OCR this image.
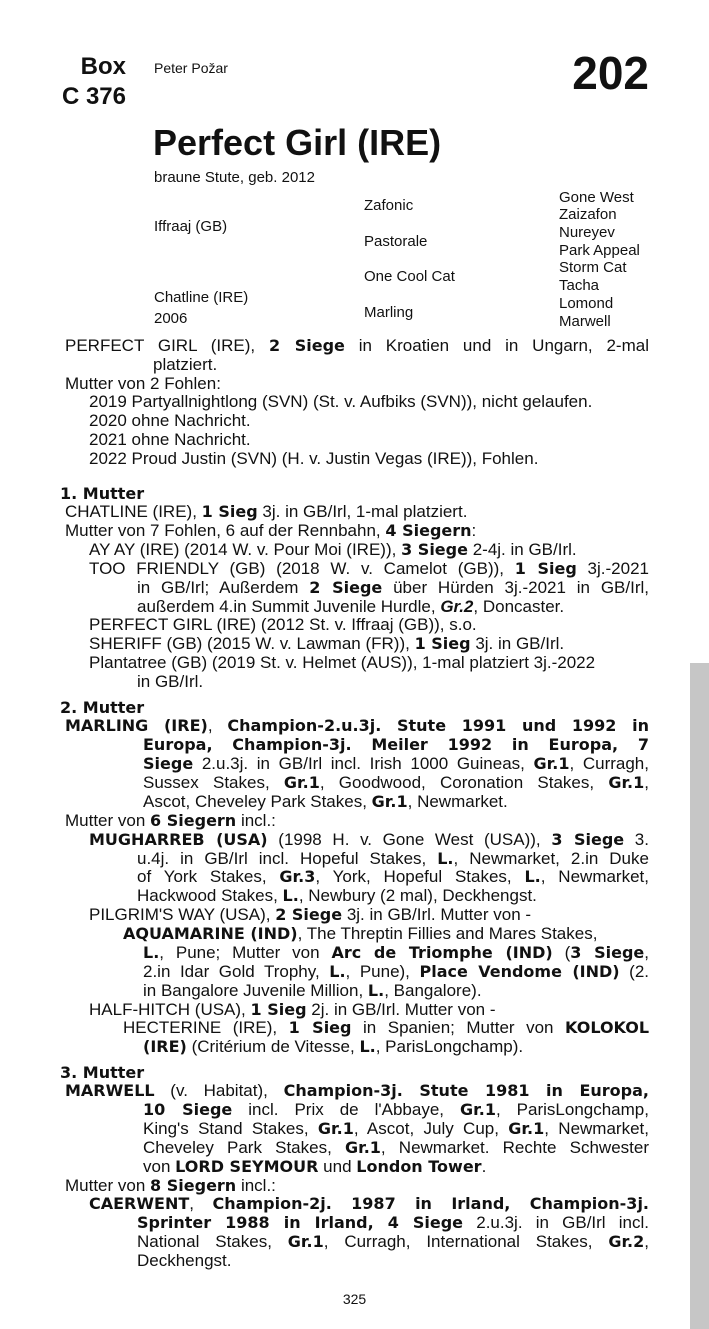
Box
C 376
Peter Požar	202
Perfect Girl (IRE)
braune Stute, geb. 2012
Iffraaj (GB)
Chatline (IRE)
2006
Zafonic
Pastorale
One Cool Cat
Marling
Gone West
Zaizafon
Nureyev
Park Appeal
Storm Cat
Tacha
Lomond
Marwell
PERFECT GIRL (IRE), 2 Siege in Kroatien und in Ungarn, 2-mal
platziert.
Mutter von 2 Fohlen:
2019 Partyallnightlong (SVN) (St. v. Aufbiks (SVN)), nicht gelaufen.
2020 ohne Nachricht.
2021 ohne Nachricht.
2022 Proud Justin (SVN) (H. v. Justin Vegas (IRE)), Fohlen.
1. Mutter
CHATLINE (IRE), 1 Sieg 3j. in GB/Irl, 1-mal platziert.
Mutter von 7 Fohlen, 6 auf der Rennbahn, 4 Siegern:
AY AY (IRE) (2014 W. v. Pour Moi (IRE)), 3 Siege 2-4j. in GB/Irl.
TOO FRIENDLY (GB) (2018 W. v. Camelot (GB)), 1 Sieg 3j.-2021
in GB/Irl; Außerdem 2 Siege über Hürden 3j.-2021 in GB/Irl,
außerdem 4.in Summit Juvenile Hurdle, Gr.2, Doncaster.
PERFECT GIRL (IRE) (2012 St. v. Iffraaj (GB)), s.o.
SHERIFF (GB) (2015 W. v. Lawman (FR)), 1 Sieg 3j. in GB/Irl.
Plantatree (GB) (2019 St. v. Helmet (AUS)), 1-mal platziert 3j.-2022
in GB/Irl.
2. Mutter
MARLING (IRE), Champion-2.u.3j. Stute 1991 und 1992 in
Europa, Champion-3j. Meiler 1992 in Europa, 7
Siege 2.u.3j. in GB/Irl incl. Irish 1000 Guineas, Gr.1, Curragh,
Sussex Stakes, Gr.1, Goodwood, Coronation Stakes, Gr.1,
Ascot, Cheveley Park Stakes, Gr.1, Newmarket.
Mutter von 6 Siegern incl.:
MUGHARREB (USA) (1998 H. v. Gone West (USA)), 3 Siege 3.
u.4j. in GB/Irl incl. Hopeful Stakes, L., Newmarket, 2.in Duke
of York Stakes, Gr.3, York, Hopeful Stakes, L., Newmarket,
Hackwood Stakes, L., Newbury (2 mal), Deckhengst.
PILGRIM'S WAY (USA), 2 Siege 3j. in GB/Irl. Mutter von -
AQUAMARINE (IND), The Threptin Fillies and Mares Stakes,
L., Pune; Mutter von Arc de Triomphe (IND) (3 Siege,
2.in Idar Gold Trophy, L., Pune), Place Vendome (IND) (2.
in Bangalore Juvenile Million, L., Bangalore).
HALF-HITCH (USA), 1 Sieg 2j. in GB/Irl. Mutter von -
HECTERINE (IRE), 1 Sieg in Spanien; Mutter von KOLOKOL
(IRE) (Critérium de Vitesse, L., ParisLongchamp).
3. Mutter
MARWELL (v. Habitat), Champion-3j. Stute 1981 in Europa,
10 Siege incl. Prix de l'Abbaye, Gr.1, ParisLongchamp,
King's Stand Stakes, Gr.1, Ascot, July Cup, Gr.1, Newmarket,
Cheveley Park Stakes, Gr.1, Newmarket. Rechte Schwester
von LORD SEYMOUR und London Tower.
Mutter von 8 Siegern incl.:
CAERWENT, Champion-2j. 1987 in Irland, Champion-3j.
Sprinter 1988 in Irland, 4 Siege 2.u.3j. in GB/Irl incl.
National Stakes, Gr.1, Curragh, International Stakes, Gr.2,
Deckhengst.
325
